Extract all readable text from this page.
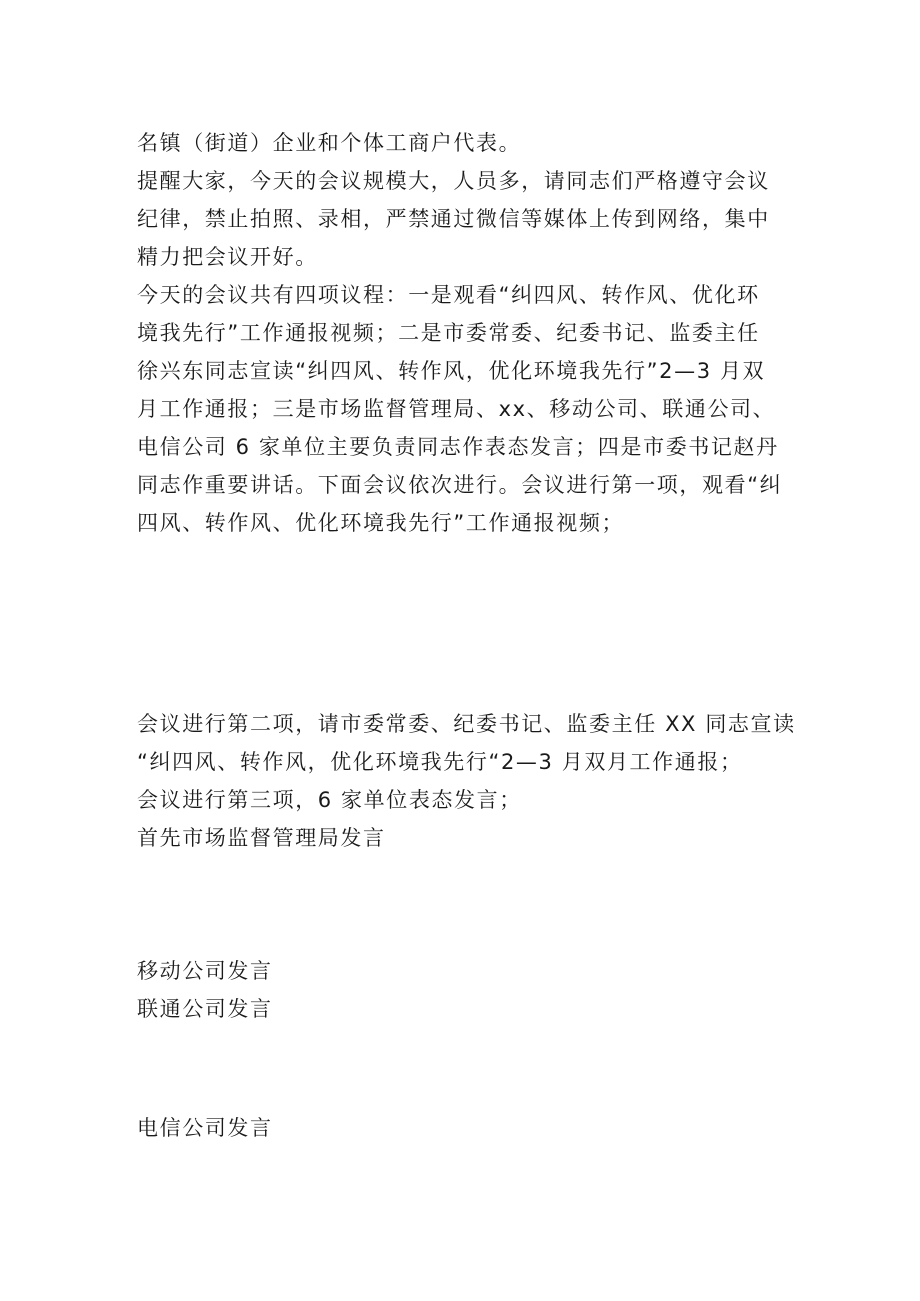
名镇（街道）企业和个体工商户代表。
提醒大家，今天的会议规模大，人员多，请同志们严格遵守会议
纪律，禁止拍照、录相，严禁通过微信等媒体上传到网络，集中
精力把会议开好。
今天的会议共有四项议程：一是观看“纠四风、转作风、优化环
境我先行”工作通报视频；二是市委常委、纪委书记、监委主任
徐兴东同志宣读“纠四风、转作风，优化环境我先行”2—3 月双
月工作通报；三是市场监督管理局、xx、移动公司、联通公司、
电信公司 6 家单位主要负责同志作表态发言；四是市委书记赵丹
同志作重要讲话。下面会议依次进行。会议进行第一项，观看“纠
四风、转作风、优化环境我先行”工作通报视频；
会议进行第二项，请市委常委、纪委书记、监委主任 XX 同志宣读
“纠四风、转作风，优化环境我先行“2—3 月双月工作通报；
会议进行第三项，6 家单位表态发言；
首先市场监督管理局发言
移动公司发言
联通公司发言
电信公司发言
